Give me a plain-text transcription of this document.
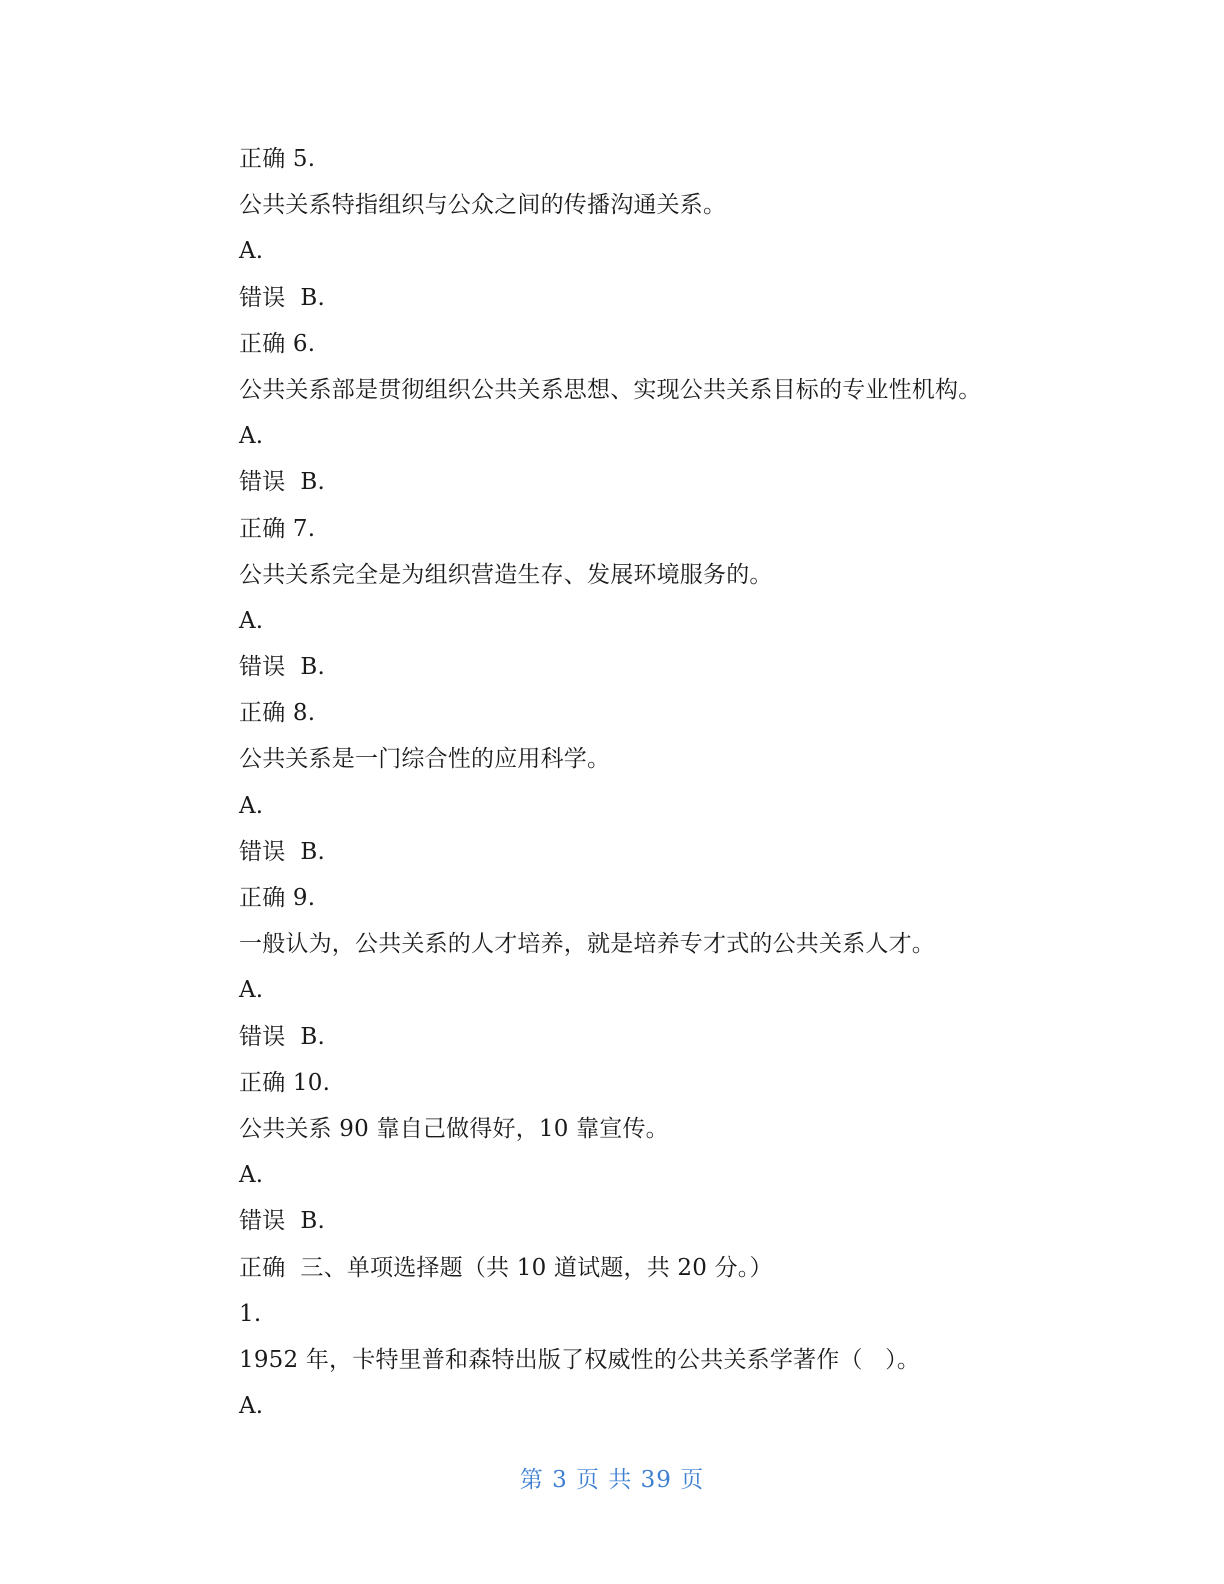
正确 5.
公共关系特指组织与公众之间的传播沟通关系。
A.
错误  B.
正确 6.
公共关系部是贯彻组织公共关系思想、实现公共关系目标的专业性机构。
A.
错误  B.
正确 7.
公共关系完全是为组织营造生存、发展环境服务的。
A.
错误  B.
正确 8.
公共关系是一门综合性的应用科学。
A.
错误  B.
正确 9.
一般认为，公共关系的人才培养，就是培养专才式的公共关系人才。
A.
错误  B.
正确 10.
公共关系 90 靠自己做得好，10 靠宣传。
A.
错误  B.
正确  三、单项选择题（共 10 道试题，共 20 分。）
1.
1952 年，卡特里普和森特出版了权威性的公共关系学著作（   ）。
A.
第 3 页 共 39 页
